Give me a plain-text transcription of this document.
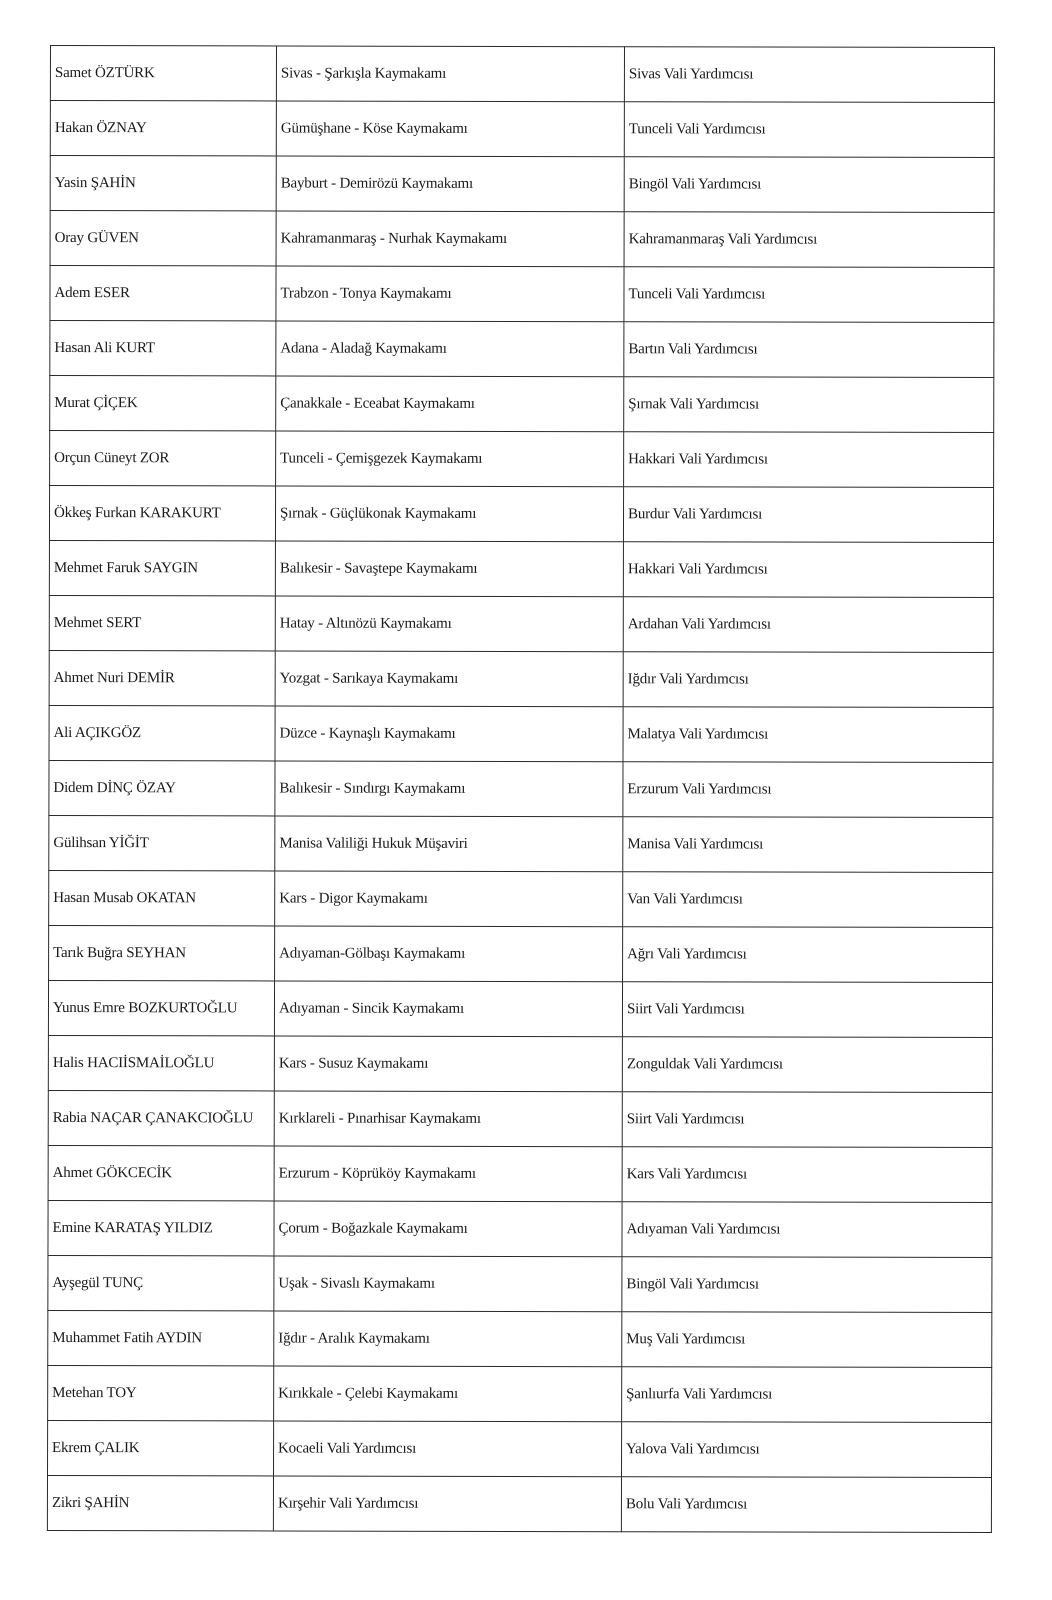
Samet ÖZTÜRK	Sivas - Şarkışla Kaymakamı	Sivas Vali Yardımcısı
Hakan ÖZNAY	Gümüşhane - Köse Kaymakamı	Tunceli Vali Yardımcısı
Yasin ŞAHİN	Bayburt - Demirözü Kaymakamı	Bingöl Vali Yardımcısı
Oray GÜVEN	Kahramanmaraş - Nurhak Kaymakamı	Kahramanmaraş Vali Yardımcısı
Adem ESER	Trabzon - Tonya Kaymakamı	Tunceli Vali Yardımcısı
Hasan Ali KURT	Adana - Aladağ Kaymakamı	Bartın Vali Yardımcısı
Murat ÇİÇEK	Çanakkale - Eceabat Kaymakamı	Şırnak Vali Yardımcısı
Orçun Cüneyt ZOR	Tunceli - Çemişgezek Kaymakamı	Hakkari Vali Yardımcısı
Ökkeş Furkan KARAKURT	Şırnak - Güçlükonak Kaymakamı	Burdur Vali Yardımcısı
Mehmet Faruk SAYGIN	Balıkesir - Savaştepe Kaymakamı	Hakkari Vali Yardımcısı
Mehmet SERT	Hatay - Altınözü Kaymakamı	Ardahan Vali Yardımcısı
Ahmet Nuri DEMİR	Yozgat - Sarıkaya Kaymakamı	Iğdır Vali Yardımcısı
Ali AÇIKGÖZ	Düzce - Kaynaşlı Kaymakamı	Malatya Vali Yardımcısı
Didem DİNÇ ÖZAY	Balıkesir - Sındırgı Kaymakamı	Erzurum Vali Yardımcısı
Gülihsan YİĞİT	Manisa Valiliği Hukuk Müşaviri	Manisa Vali Yardımcısı
Hasan Musab OKATAN	Kars - Digor Kaymakamı	Van Vali Yardımcısı
Tarık Buğra SEYHAN	Adıyaman-Gölbaşı Kaymakamı	Ağrı Vali Yardımcısı
Yunus Emre BOZKURTOĞLU	Adıyaman - Sincik Kaymakamı	Siirt Vali Yardımcısı
Halis HACIİSMAİLOĞLU	Kars - Susuz Kaymakamı	Zonguldak Vali Yardımcısı
Rabia NAÇAR ÇANAKCIOĞLU	Kırklareli - Pınarhisar Kaymakamı	Siirt Vali Yardımcısı
Ahmet GÖKCECİK	Erzurum - Köprüköy Kaymakamı	Kars Vali Yardımcısı
Emine KARATAŞ YILDIZ	Çorum - Boğazkale Kaymakamı	Adıyaman Vali Yardımcısı
Ayşegül TUNÇ	Uşak - Sivaslı Kaymakamı	Bingöl Vali Yardımcısı
Muhammet Fatih AYDIN	Iğdır - Aralık Kaymakamı	Muş Vali Yardımcısı
Metehan TOY	Kırıkkale - Çelebi Kaymakamı	Şanlıurfa Vali Yardımcısı
Ekrem ÇALIK	Kocaeli Vali Yardımcısı	Yalova Vali Yardımcısı
Zikri ŞAHİN	Kırşehir Vali Yardımcısı	Bolu Vali Yardımcısı
